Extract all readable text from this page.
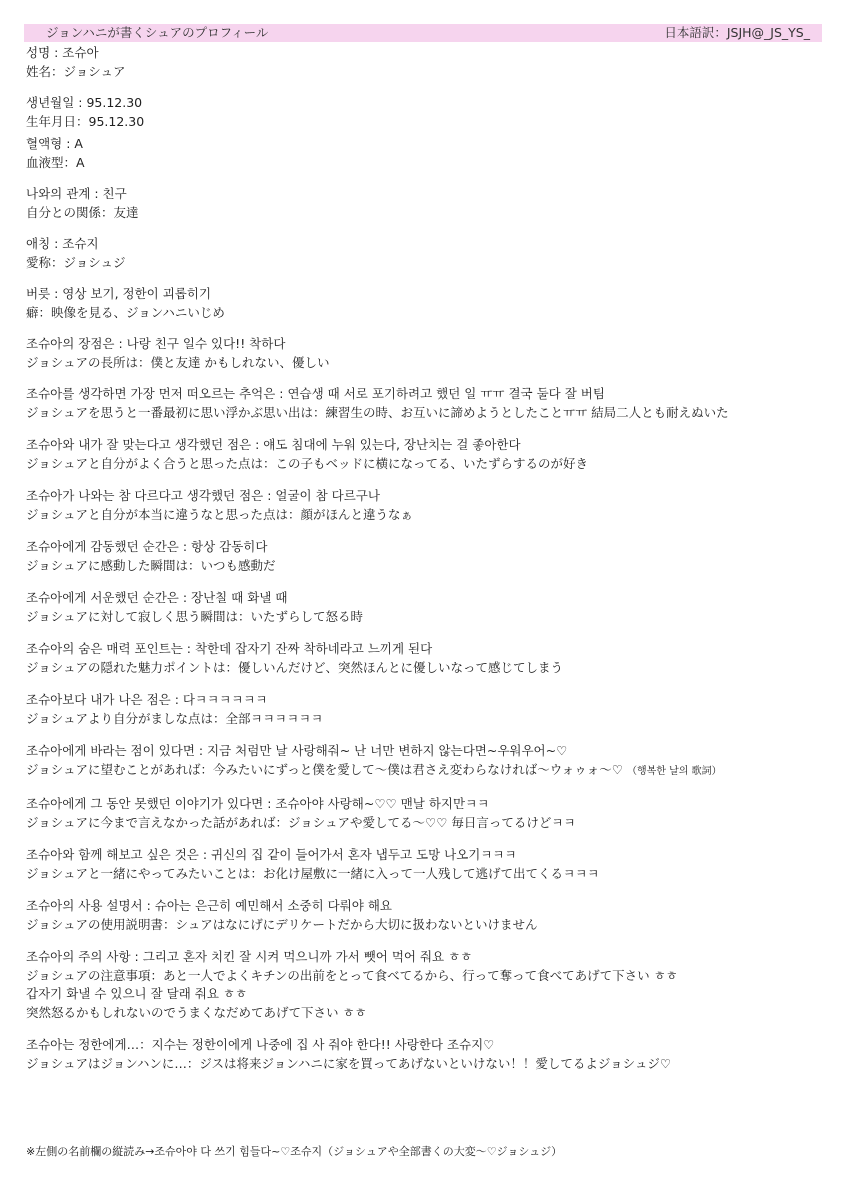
ジョンハニが書くシュアのプロフィール	日本語訳：JSJH@_JS_YS_
성명 : 조슈아
姓名：ジョシュア
생년월일 : 95.12.30
生年月日：95.12.30
혈액형 : A
血液型：A
나와의 관계 : 친구
自分との関係：友達
애칭 : 조슈지
愛称：ジョシュジ
버릇 : 영상 보기, 정한이 괴롭히기
癖：映像を見る、ジョンハニいじめ
조슈아의 장점은 : 나랑 친구 일수 있다!! 착하다
ジョシュアの長所は：僕と友達 かもしれない、優しい
조슈아를 생각하면 가장 먼저 떠오르는 추억은 : 연습생 때 서로 포기하려고 했던 일 ㅠㅠ 결국 둘다 잘 버팀
ジョシュアを思うと一番最初に思い浮かぶ思い出は：練習生の時、お互いに諦めようとしたことㅠㅠ 結局二人とも耐えぬいた
조슈아와 내가 잘 맞는다고 생각했던 점은 : 얘도 침대에 누워 있는다, 장난치는 걸 좋아한다
ジョシュアと自分がよく合うと思った点は：この子もベッドに横になってる、いたずらするのが好き
조슈아가 나와는 참 다르다고 생각했던 점은 : 얼굴이 참 다르구나
ジョシュアと自分が本当に違うなと思った点は：顔がほんと違うなぁ
조슈아에게 감동했던 순간은 : 항상 감동히다
ジョシュアに感動した瞬間は：いつも感動だ
조슈아에게 서운했던 순간은 : 장난칠 때 화낼 때
ジョシュアに対して寂しく思う瞬間は：いたずらして怒る時
조슈아의 숨은 매력 포인트는 : 착한데 잡자기 잔짜 착하네라고 느끼게 된다
ジョシュアの隠れた魅力ポイントは：優しいんだけど、突然ほんとに優しいなって感じてしまう
조슈아보다 내가 나은 점은 : 다ㅋㅋㅋㅋㅋㅋ
ジョシュアより自分がましな点は：全部ㅋㅋㅋㅋㅋㅋ
조슈아에게 바라는 점이 있다면 : 지금 처럼만 날 사랑해줘~ 난 너만 변하지 않는다면~우워우어~♡
ジョシュアに望むことがあれば：今みたいにずっと僕を愛して〜僕は君さえ変わらなければ〜ウォゥォ〜♡ （행복한 날의 歌詞）
조슈아에게 그 동안 못했던 이야기가 있다면 : 조슈아야 사랑해~♡♡ 맨날 하지만ㅋㅋ
ジョシュアに今まで言えなかった話があれば：ジョシュアや愛してる〜♡♡ 毎日言ってるけどㅋㅋ
조슈아와 함께 해보고 싶은 것은 : 귀신의 집 같이 들어가서 혼자 냅두고 도망 나오기ㅋㅋㅋ
ジョシュアと一緒にやってみたいことは：お化け屋敷に一緒に入って一人残して逃げて出てくるㅋㅋㅋ
조슈아의 사용 설명서 : 슈아는 은근히 예민해서 소중히 다뤄야 해요
ジョシュアの使用説明書：シュアはなにげにデリケートだから大切に扱わないといけません
조슈아의 주의 사항 : 그리고 혼자 치킨 잘 시켜 먹으니까 가서 뺏어 먹어 줘요 ㅎㅎ
ジョシュアの注意事項：あと一人でよくキチンの出前をとって食べてるから、行って奪って食べてあげて下さい ㅎㅎ
갑자기 화낼 수 있으니 잘 달래 줘요 ㅎㅎ
突然怒るかもしれないのでうまくなだめてあげて下さい ㅎㅎ
조슈아는 정한에게…：지수는 정한이에게 나중에 집 사 줘야 한다!! 사랑한다 조슈지♡
ジョシュアはジョンハンに…：ジスは将来ジョンハニに家を買ってあげないといけない！！愛してるよジョシュジ♡
※左側の名前欄の縦読み→조슈아야 다 쓰기 힘들다~♡조슈지（ジョシュアや全部書くの大変〜♡ジョシュジ）
